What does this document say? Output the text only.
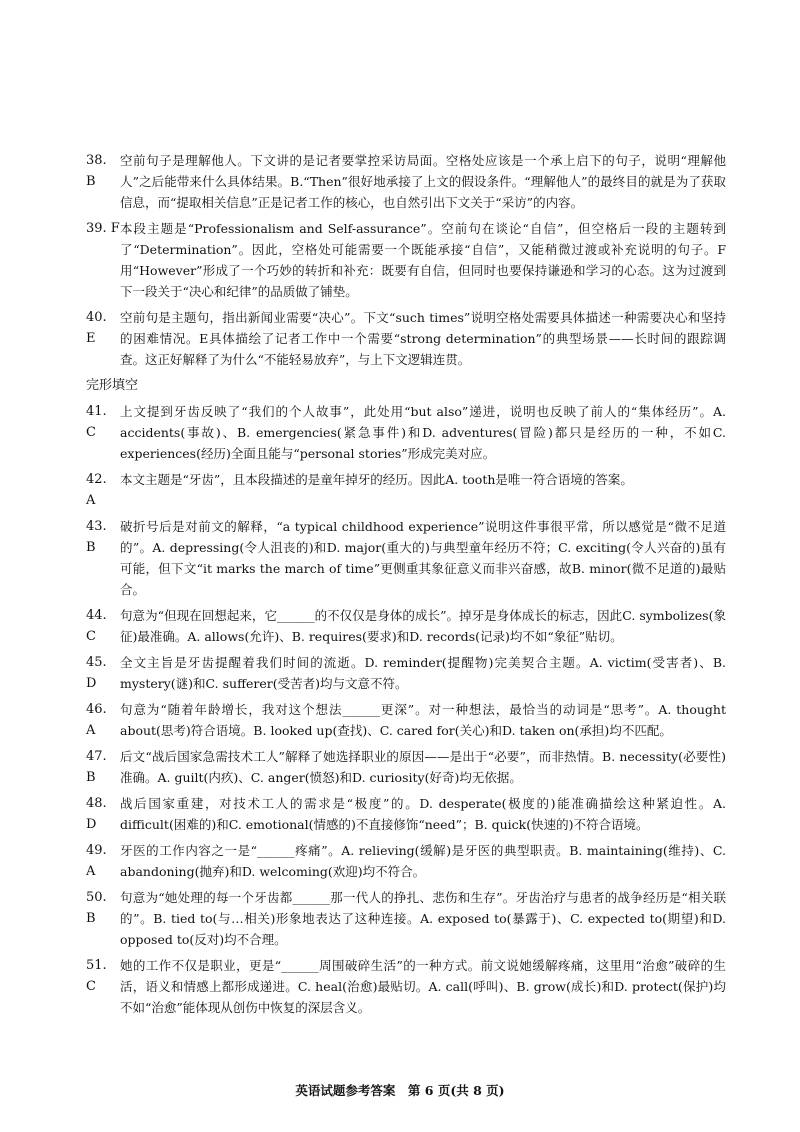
38. B
空前句子是理解他人。下文讲的是记者要掌控采访局面。空格处应该是一个承上启下的句子，说明“理解他人”之后能带来什么具体结果。B.“Then”很好地承接了上文的假设条件。“理解他人”的最终目的就是为了获取信息，而“提取相关信息”正是记者工作的核心，也自然引出下文关于“采访”的内容。
39. F 本段主题是“Professionalism and Self-assurance”。空前句在谈论“自信”，但空格后一段的主题转到了“Determination”。因此，空格处可能需要一个既能承接“自信”，又能稍微过渡或补充说明的句子。F用“However”形成了一个巧妙的转折和补充：既要有自信，但同时也要保持谦逊和学习的心态。这为过渡到下一段关于“决心和纪律”的品质做了铺垫。
40. E
空前句是主题句，指出新闻业需要“决心”。下文“such times”说明空格处需要具体描述一种需要决心和坚持的困难情况。E具体描绘了记者工作中一个需要“strong determination”的典型场景——长时间的跟踪调查。这正好解释了为什么“不能轻易放弃”，与上下文逻辑连贯。
完形填空
41. C
上文提到牙齿反映了“我们的个人故事”，此处用“but also”递进，说明也反映了前人的“集体经历”。A. accidents(事故)、B. emergencies(紧急事件)和D. adventures(冒险)都只是经历的一种，不如C. experiences(经历)全面且能与“personal stories”形成完美对应。
42. A
本文主题是“牙齿”，且本段描述的是童年掉牙的经历。因此A. tooth是唯一符合语境的答案。
43. B
破折号后是对前文的解释，“a typical childhood experience”说明这件事很平常，所以感觉是“微不足道的”。A. depressing(令人沮丧的)和D. major(重大的)与典型童年经历不符；C. exciting(令人兴奋的)虽有可能，但下文“it marks the march of time”更侧重其象征意义而非兴奋感，故B. minor(微不足道的)最贴合。
44. C
句意为“但现在回想起来，它______的不仅仅是身体的成长”。掉牙是身体成长的标志，因此C. symbolizes(象征)最准确。A. allows(允许)、B. requires(要求)和D. records(记录)均不如“象征”贴切。
45. D
全文主旨是牙齿提醒着我们时间的流逝。D. reminder(提醒物)完美契合主题。A. victim(受害者)、B. mystery(谜)和C. sufferer(受苦者)均与文意不符。
46. A
句意为“随着年龄增长，我对这个想法______更深”。对一种想法，最恰当的动词是“思考”。A. thought about(思考)符合语境。B. looked up(查找)、C. cared for(关心)和D. taken on(承担)均不匹配。
47. B
后文“战后国家急需技术工人”解释了她选择职业的原因——是出于“必要”，而非热情。B. necessity(必要性)准确。A. guilt(内疚)、C. anger(愤怒)和D. curiosity(好奇)均无依据。
48. D
战后国家重建，对技术工人的需求是“极度”的。D. desperate(极度的)能准确描绘这种紧迫性。A. difficult(困难的)和C. emotional(情感的)不直接修饰“need”；B. quick(快速的)不符合语境。
49. A
牙医的工作内容之一是“______疼痛”。A. relieving(缓解)是牙医的典型职责。B. maintaining(维持)、C. abandoning(抛弃)和D. welcoming(欢迎)均不符合。
50. B
句意为“她处理的每一个牙齿都______那一代人的挣扎、悲伤和生存”。牙齿治疗与患者的战争经历是“相关联的”。B. tied to(与…相关)形象地表达了这种连接。A. exposed to(暴露于)、C. expected to(期望)和D. opposed to(反对)均不合理。
51. C
她的工作不仅是职业，更是“______周围破碎生活”的一种方式。前文说她缓解疼痛，这里用“治愈”破碎的生活，语义和情感上都形成递进。C. heal(治愈)最贴切。A. call(呼叫)、B. grow(成长)和D. protect(保护)均不如“治愈”能体现从创伤中恢复的深层含义。
英语试题参考答案　第 6 页(共 8 页)
